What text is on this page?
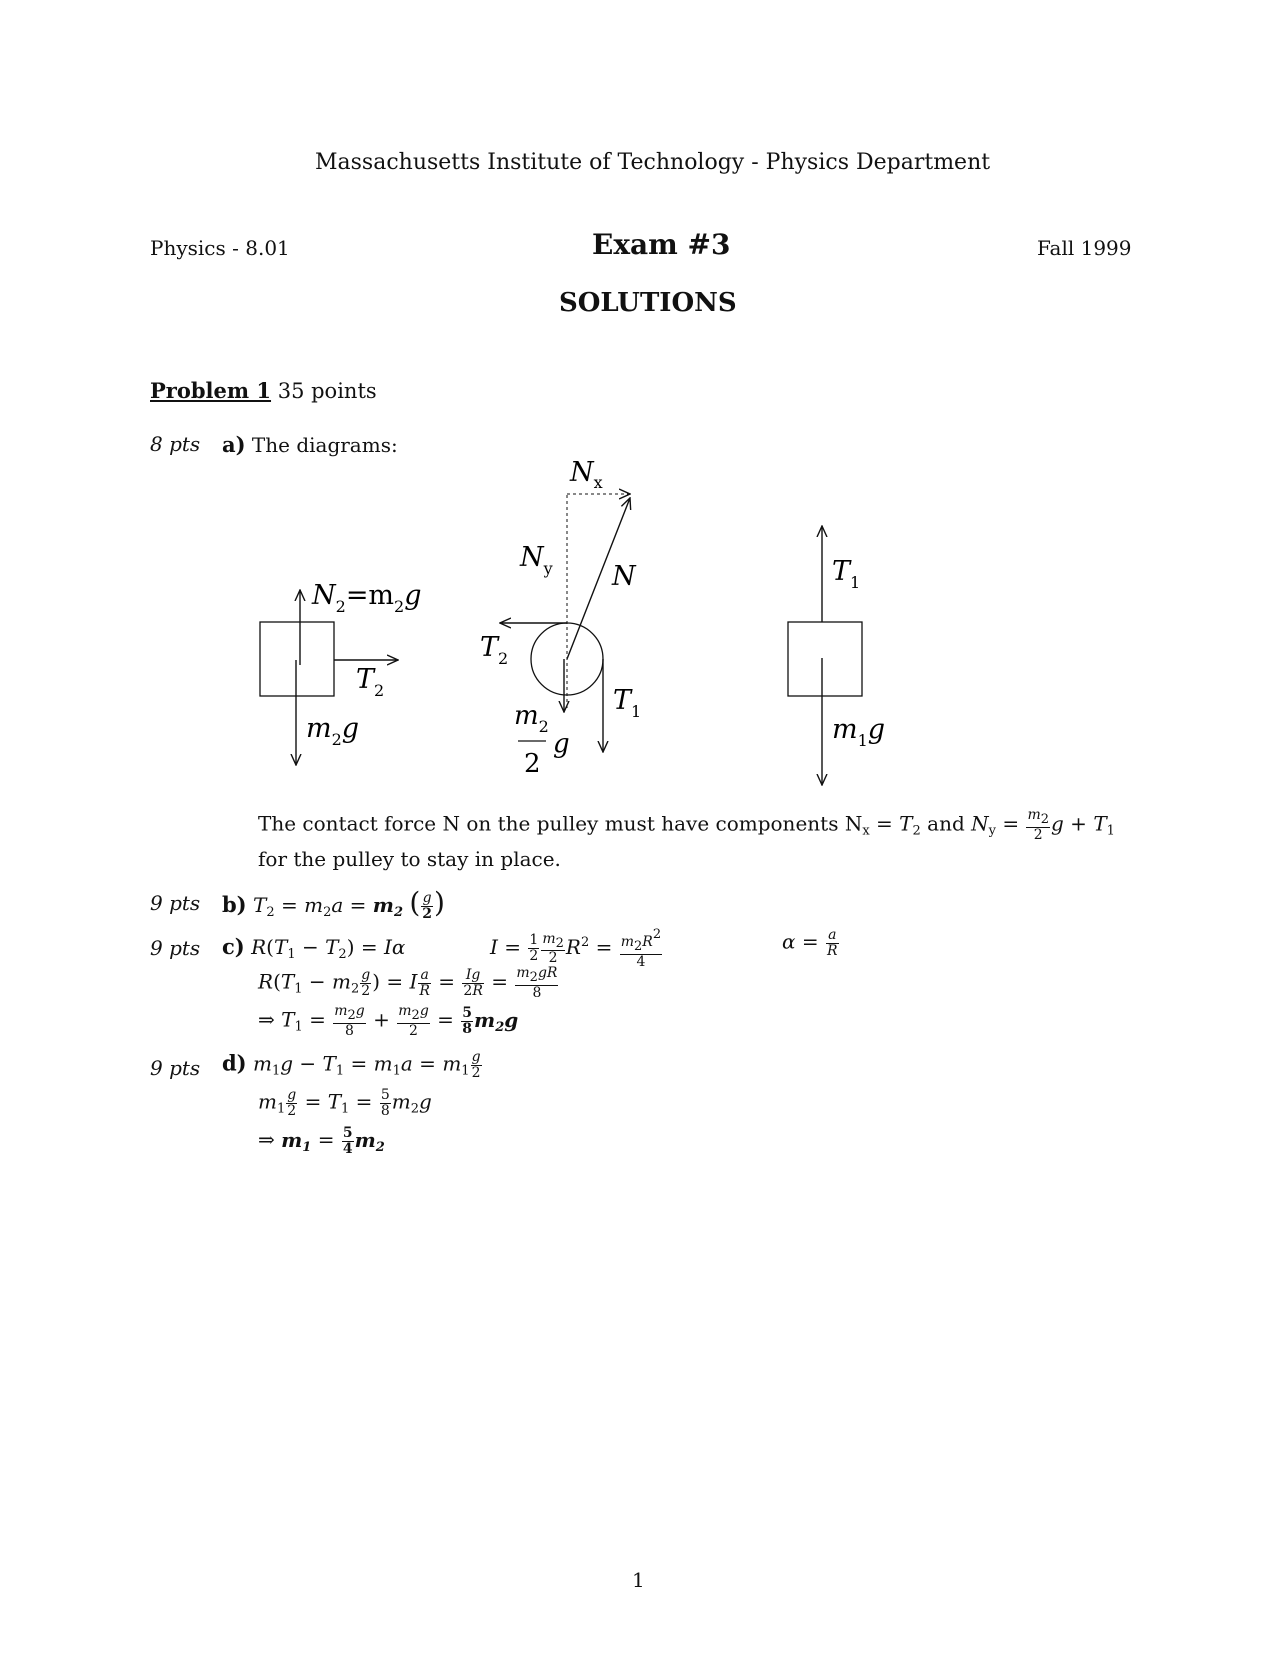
Massachusetts Institute of Technology - Physics Department
Physics - 8.01	Exam #3	Fall 1999
SOLUTIONS
Problem 1 35 points
8 pts a) The diagrams:
$N_2=m_2g$
$T_2$
$m_2g$
$N_x$
$N_y$ N
$T_2$
$T_1$
$m_2$
2
g
$T_1$
$m_1g$
The contact force N on the pulley must have components $N_x = T_2$ and $N_y = \frac{m2}{2}$ $g + T_1$
for the pulley to stay in place.
9 pts b) $T_2 = m_2a = m_2$ ( $\frac{g}{2}$ )
9 pts c) $R(T_1 - T_2) = I\alpha$	$I = \frac{1}{2} \frac{m2}{2} R^2 = \frac{m2R2}{4}$	$\alpha = \frac{a}{R}$
$R(T_1 - m_2 \frac{g}{2}$ ) = I $\frac{a}{R} = \frac{Ig}{2R} = \frac{m2gR}{8}$
⇒ $T_1 = \frac{m2g}{8} + \frac{m2g}{2} = \frac{5}{8} m_2g$
9 pts d) $m_1g - T_1 = m_1a = m_1 \frac{g}{2}$
$m_1 \frac{g}{2} = T_1 = \frac{5}{8} m_2g$
⇒ $m_1 = \frac{5}{4} m_2$
1
